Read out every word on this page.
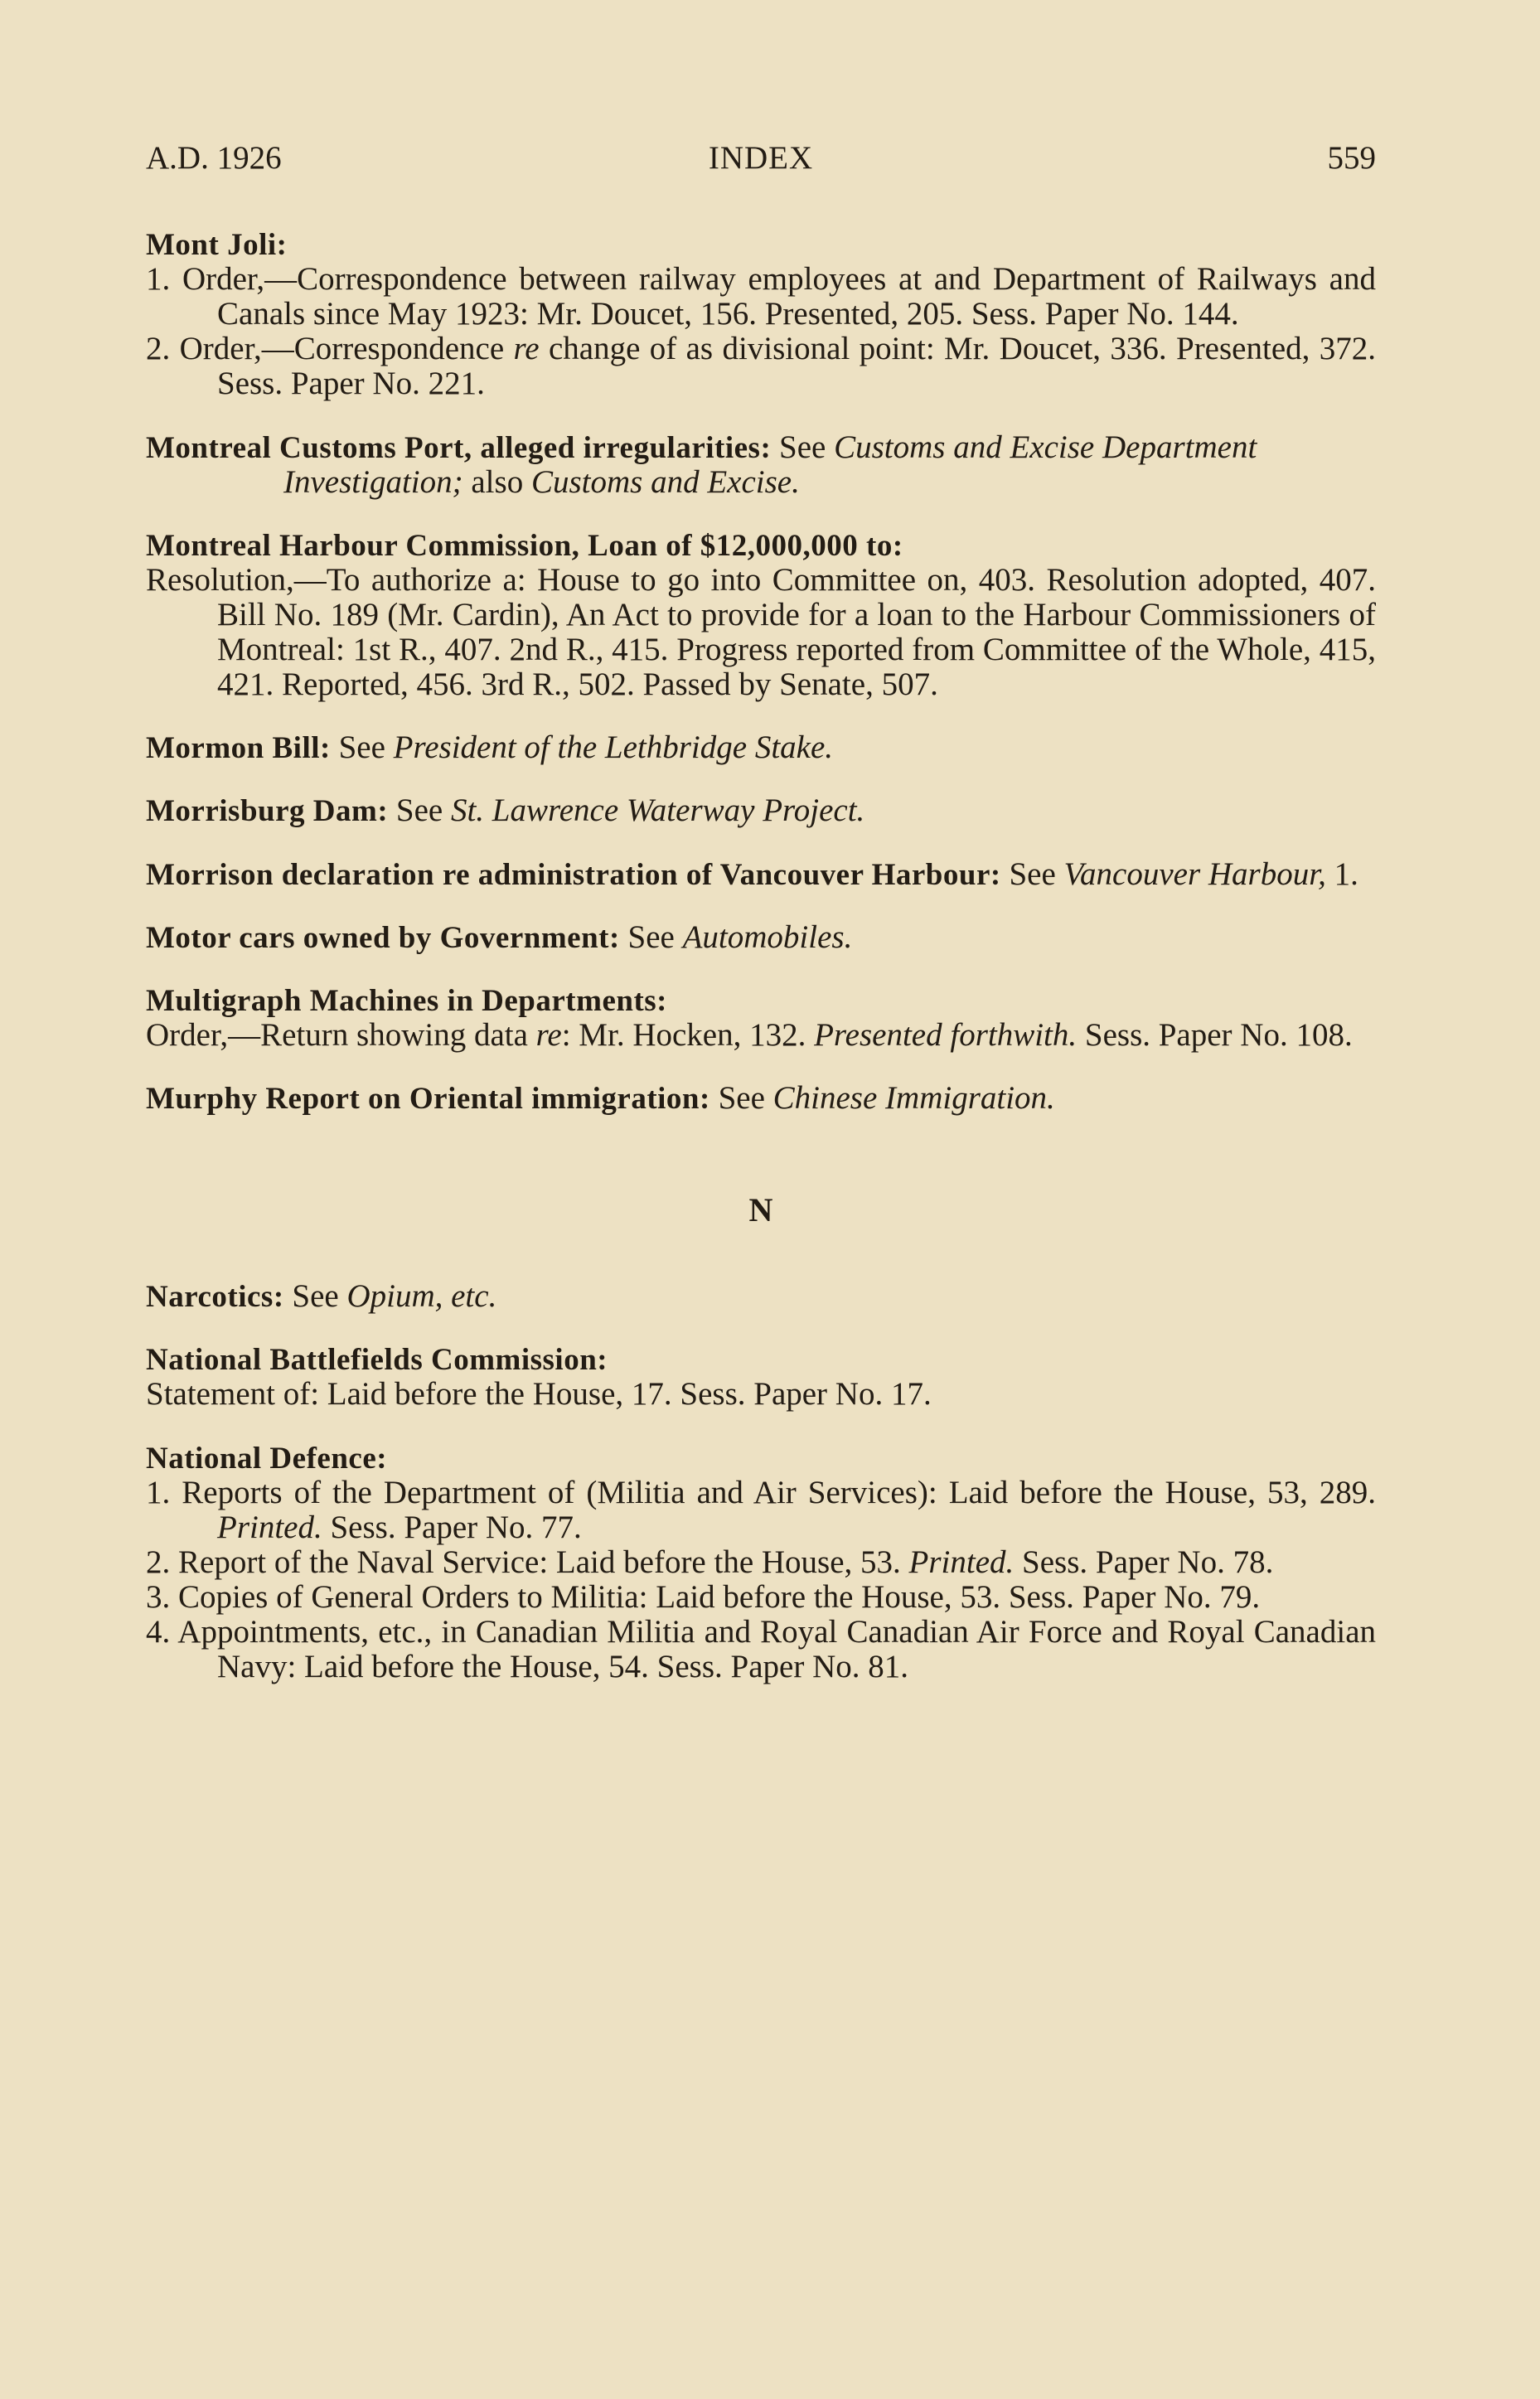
A.D. 1926	INDEX	559

Mont Joli:

1. Order,—Correspondence between railway employees at and Department of Railways and Canals since May 1923: Mr. Doucet, 156. Presented, 205. Sess. Paper No. 144.

2. Order,—Correspondence re change of as divisional point: Mr. Doucet, 336. Presented, 372. Sess. Paper No. 221.

Montreal Customs Port, alleged irregularities: See Customs and Excise Department Investigation; also Customs and Excise.

Montreal Harbour Commission, Loan of $12,000,000 to:

Resolution,—To authorize a: House to go into Committee on, 403. Resolution adopted, 407. Bill No. 189 (Mr. Cardin), An Act to provide for a loan to the Harbour Commissioners of Montreal: 1st R., 407. 2nd R., 415. Progress reported from Committee of the Whole, 415, 421. Reported, 456. 3rd R., 502. Passed by Senate, 507.

Mormon Bill: See President of the Lethbridge Stake.

Morrisburg Dam: See St. Lawrence Waterway Project.

Morrison declaration re administration of Vancouver Harbour: See Vancouver Harbour, 1.

Motor cars owned by Government: See Automobiles.

Multigraph Machines in Departments:

Order,—Return showing data re: Mr. Hocken, 132. Presented forthwith. Sess. Paper No. 108.

Murphy Report on Oriental immigration: See Chinese Immigration.

N

Narcotics: See Opium, etc.

National Battlefields Commission:

Statement of: Laid before the House, 17. Sess. Paper No. 17.

National Defence:

1. Reports of the Department of (Militia and Air Services): Laid before the House, 53, 289. Printed. Sess. Paper No. 77.

2. Report of the Naval Service: Laid before the House, 53. Printed. Sess. Paper No. 78.

3. Copies of General Orders to Militia: Laid before the House, 53. Sess. Paper No. 79.

4. Appointments, etc., in Canadian Militia and Royal Canadian Air Force and Royal Canadian Navy: Laid before the House, 54. Sess. Paper No. 81.
